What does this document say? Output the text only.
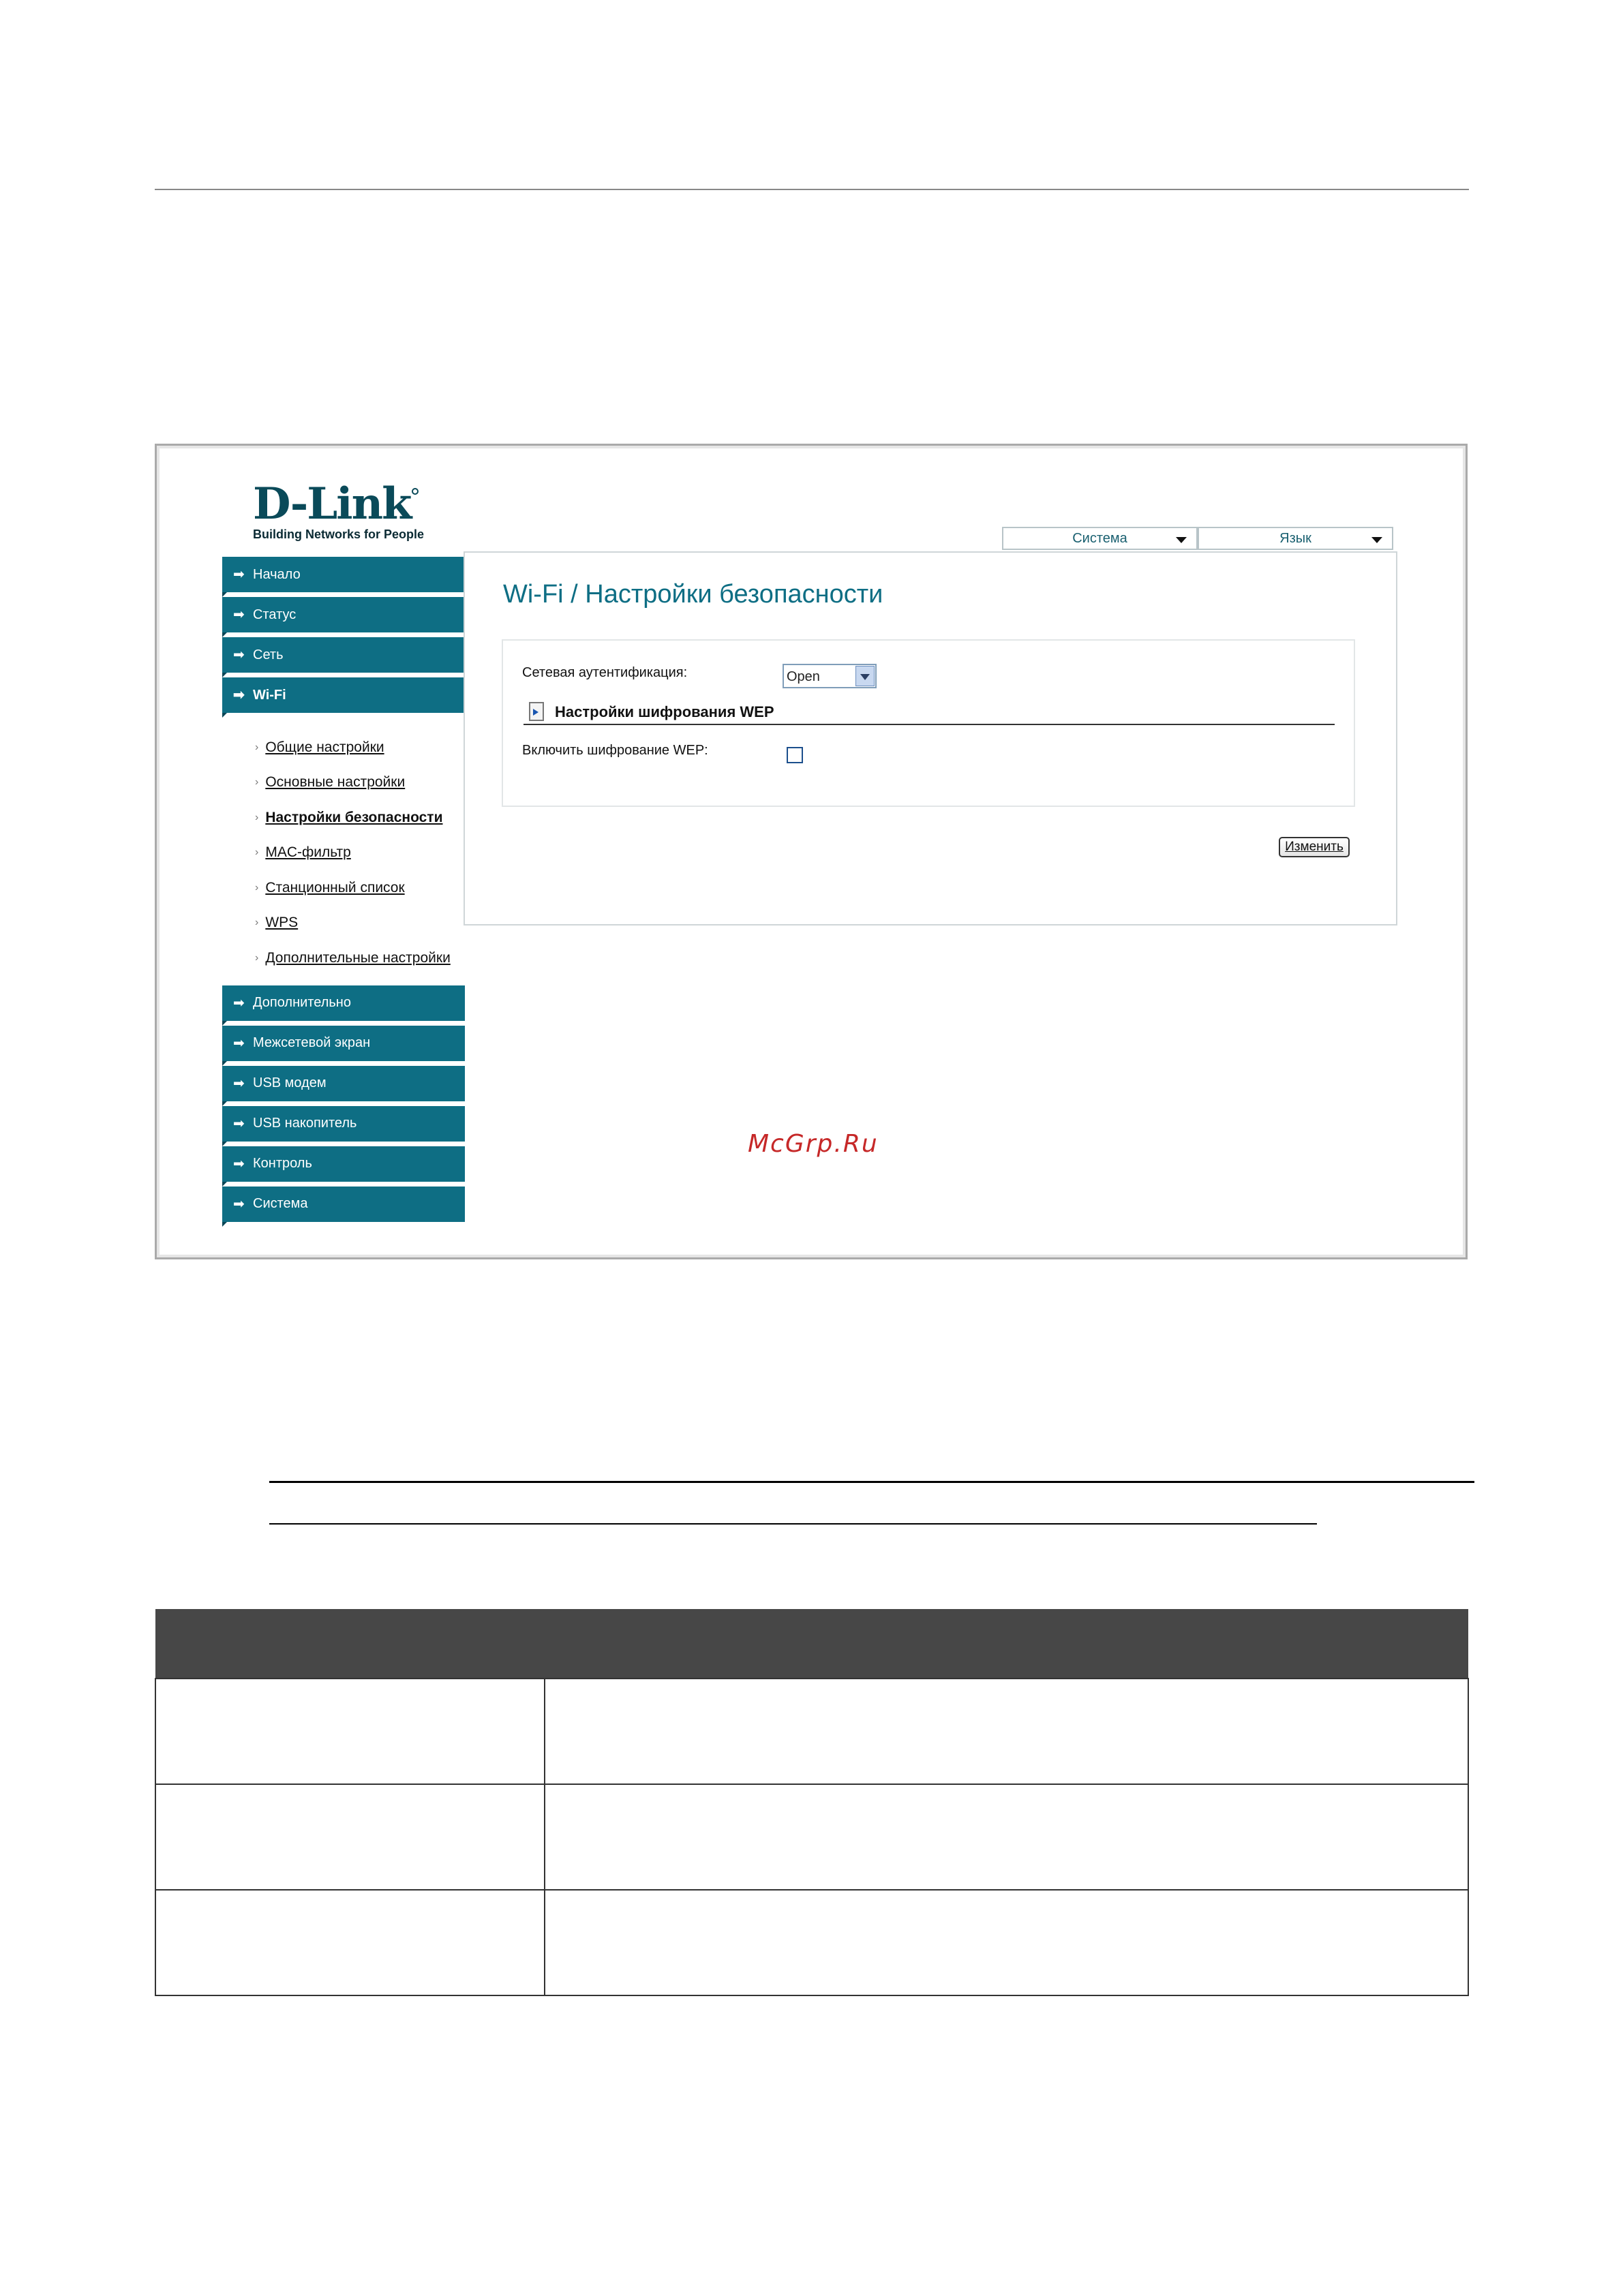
D-Link
Building Networks for People	Система	Язык
➡ Начало
➡ Статус
➡ Сеть
➡ Wi-Fi
› Общие настройки
› Основные настройки
› Настройки безопасности
› MAC-фильтр
› Станционный список
› WPS
› Дополнительные настройки
➡ Дополнительно
➡ Межсетевой экран
➡ USB модем
➡ USB накопитель
➡ Контроль
➡ Система
Wi-Fi / Настройки безопасности
Сетевая аутентификация:	Open
Настройки шифрования WEP
Включить шифрование WEP:
Изменить
McGrp.Ru
